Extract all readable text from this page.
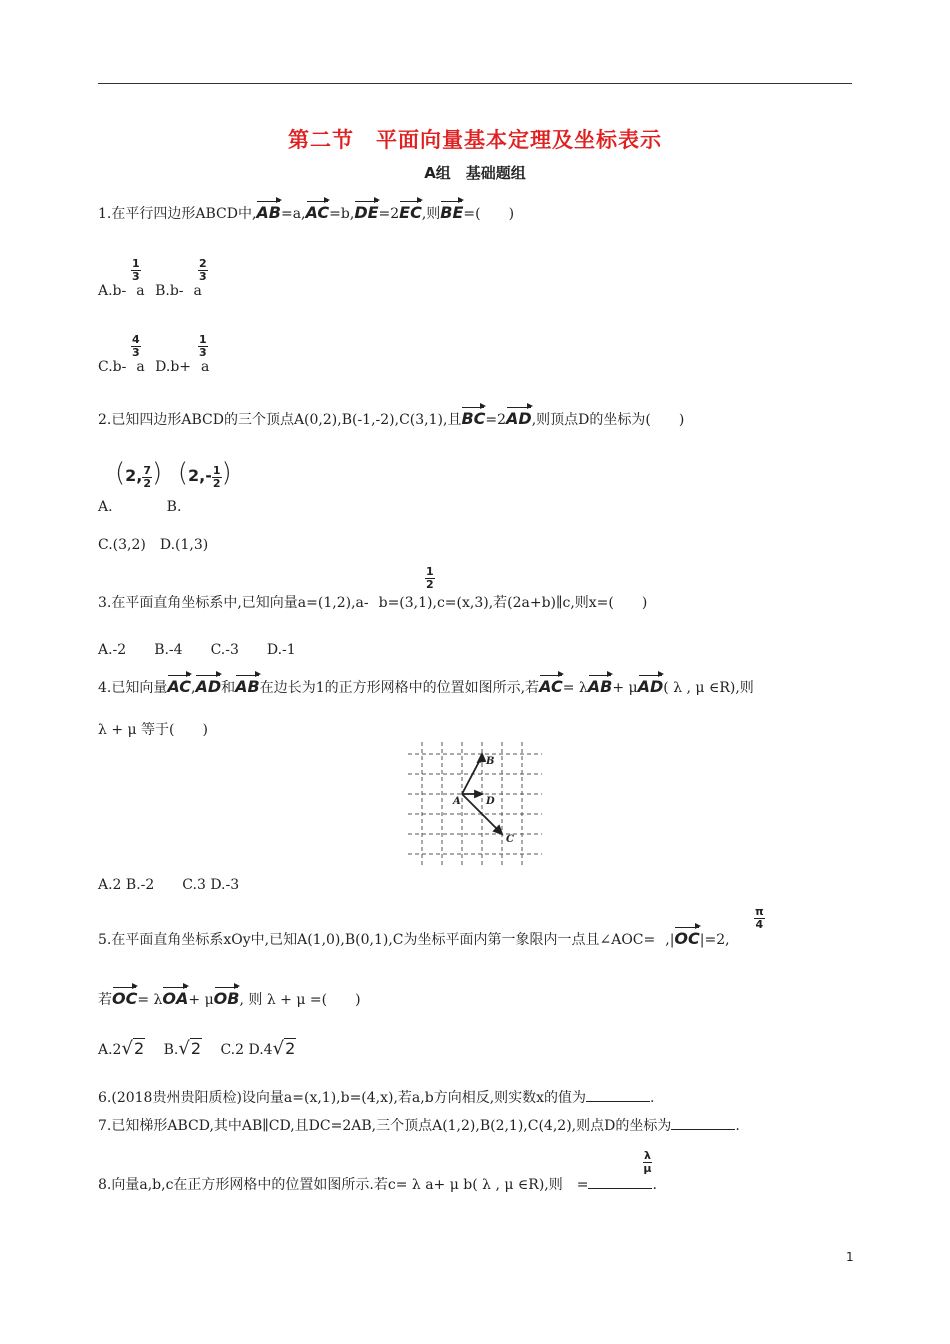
第二节　平面向量基本定理及坐标表示
A组　基础题组
1.在平行四边形ABCD中,AB=a,AC=b,DE=2EC,则BE=(　　)
$\frac{1}{3}$	$\frac{2}{3}$
A.b- a B.b- a
$\frac{4}{3}$	$\frac{1}{3}$
C.b- a D.b+ a
2.已知四边形ABCD的三个顶点A(0,2),B(-1,-2),C(3,1),且BC=2AD,则顶点D的坐标为(　　)
A. (2, $\frac{7}{2}$) B. $(2,- \frac{1}{2})$
C.(3,2)　D.(1,3)
$\frac{1}{2}$
3.在平面直角坐标系中,已知向量a=(1,2),a- b=(3,1),c=(x,3),若(2a+b)∥c,则x=(　　)
A.-2　　B.-4　　C.-3　　D.-1
4.已知向量AC,AD和AB在边长为1的正方形网格中的位置如图所示,若AC= λAB+ μAD( λ , μ ∈R),则
λ + μ 等于(　　)
A
B
D
C
A.2 B.-2　　C.3 D.-3
$\frac{\pi}{4}$
5.在平面直角坐标系xOy中,已知A(1,0),B(0,1),C为坐标平面内第一象限内一点且∠AOC= ,|OC|=2,
若OC= λOA+ μOB, 则 λ + μ =(　　)
A.2√2 B.√2 C.2 D.4√2
6.(2018贵州贵阳质检)设向量a=(x,1),b=(4,x),若a,b方向相反,则实数x的值为	.
7.已知梯形ABCD,其中AB∥CD,且DC=2AB,三个顶点A(1,2),B(2,1),C(4,2),则点D的坐标为	.
$\frac{\lambda}{\mu}$
8.向量a,b,c在正方形网格中的位置如图所示.若c= λ a+ μ b( λ , μ ∈R),则 =	.
1
